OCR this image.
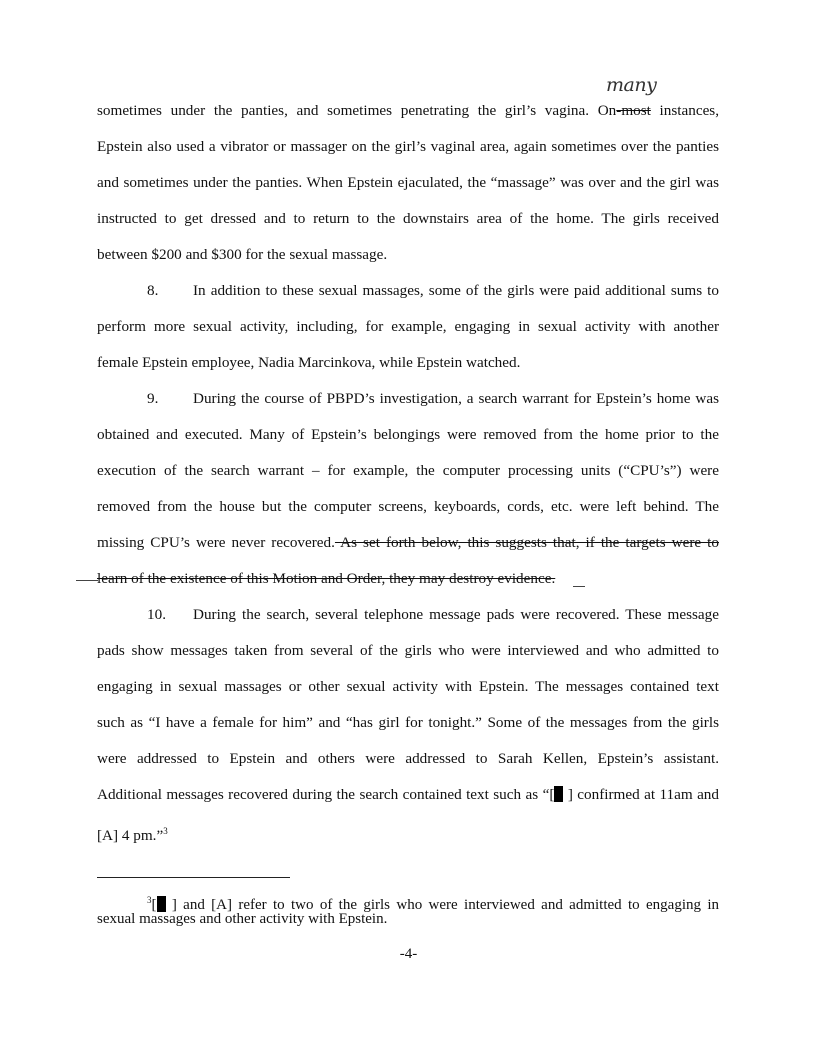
many
sometimes under the panties, and sometimes penetrating the girl’s vagina. On-most instances,
Epstein also used a vibrator or massager on the girl’s vaginal area, again sometimes over the panties
and sometimes under the panties. When Epstein ejaculated, the “massage” was over and the girl was
instructed to get dressed and to return to the downstairs area of the home. The girls received
between $200 and $300 for the sexual massage.
8. In addition to these sexual massages, some of the girls were paid additional sums to
perform more sexual activity, including, for example, engaging in sexual activity with another
female Epstein employee, Nadia Marcinkova, while Epstein watched.
9. During the course of PBPD’s investigation, a search warrant for Epstein’s home was
obtained and executed. Many of Epstein’s belongings were removed from the home prior to the
execution of the search warrant – for example, the computer processing units (“CPU’s”) were
removed from the house but the computer screens, keyboards, cords, etc. were left behind. The
missing CPU’s were never recovered. As set forth below, this suggests that, if the targets were to
learn of the existence of this Motion and Order, they may destroy evidence.
10. During the search, several telephone message pads were recovered. These message
pads show messages taken from several of the girls who were interviewed and who admitted to
engaging in sexual massages or other sexual activity with Epstein. The messages contained text
such as “I have a female for him” and “has girl for tonight.” Some of the messages from the girls
were addressed to Epstein and others were addressed to Sarah Kellen, Epstein’s assistant.
Additional messages recovered during the search contained text such as “[ ] confirmed at 11am and
[A] 4 pm.”$^3$
$^3$[ ] and [A] refer to two of the girls who were interviewed and admitted to engaging in
sexual massages and other activity with Epstein.
-4-
